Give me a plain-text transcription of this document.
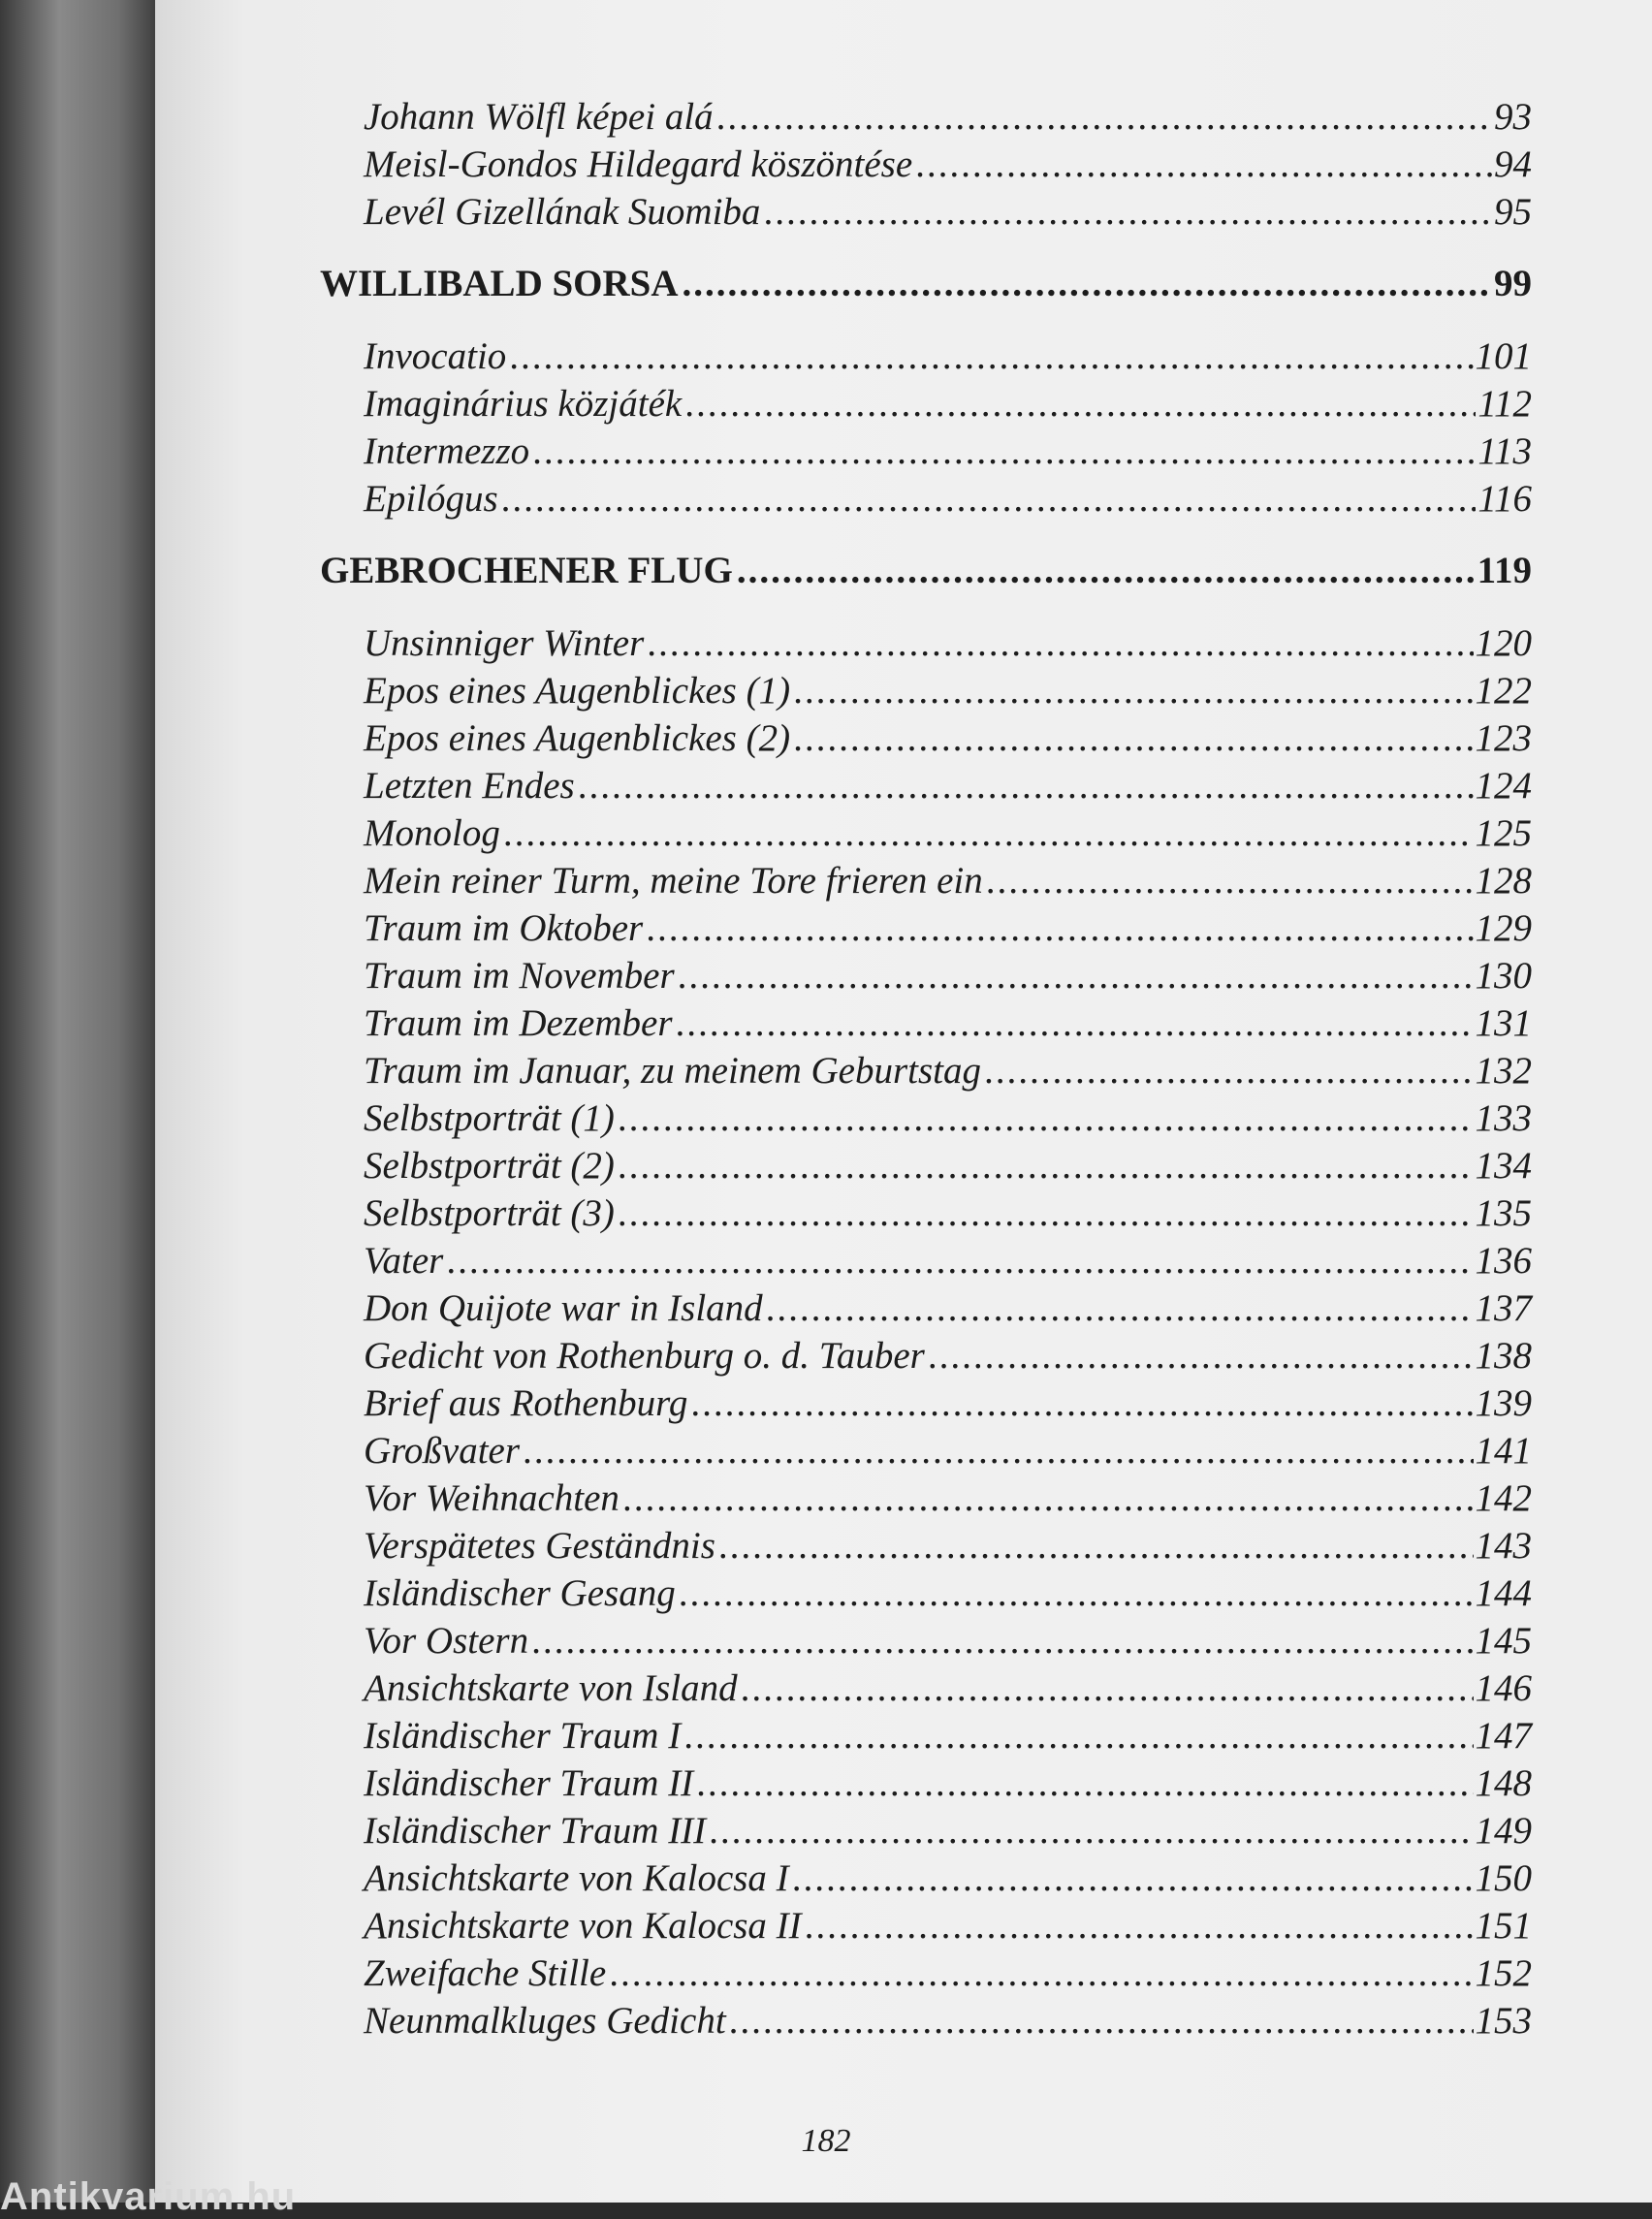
Johann Wölfl képei alá .....	93
Meisl-Gondos Hildegard köszöntése .....	94
Levél Gizellának Suomiba .....	95
WILLIBALD SORSA .....	99
Invocatio .....	101
Imaginárius közjáték .....	112
Intermezzo .....	113
Epilógus .....	116
GEBROCHENER FLUG .....	119
Unsinniger Winter .....	120
Epos eines Augenblickes (1) .....	122
Epos eines Augenblickes (2) .....	123
Letzten Endes .....	124
Monolog .....	125
Mein reiner Turm, meine Tore frieren ein .....	128
Traum im Oktober .....	129
Traum im November .....	130
Traum im Dezember .....	131
Traum im Januar, zu meinem Geburtstag .....	132
Selbstporträt (1) .....	133
Selbstporträt (2) .....	134
Selbstporträt (3) .....	135
Vater .....	136
Don Quijote war in Island .....	137
Gedicht von Rothenburg o. d. Tauber .....	138
Brief aus Rothenburg .....	139
Großvater .....	141
Vor Weihnachten .....	142
Verspätetes Geständnis .....	143
Isländischer Gesang .....	144
Vor Ostern .....	145
Ansichtskarte von Island .....	146
Isländischer Traum I .....	147
Isländischer Traum II .....	148
Isländischer Traum III .....	149
Ansichtskarte von Kalocsa I .....	150
Ansichtskarte von Kalocsa II .....	151
Zweifache Stille .....	152
Neunmalkluges Gedicht .....	153
182
Antikvarium.hu
